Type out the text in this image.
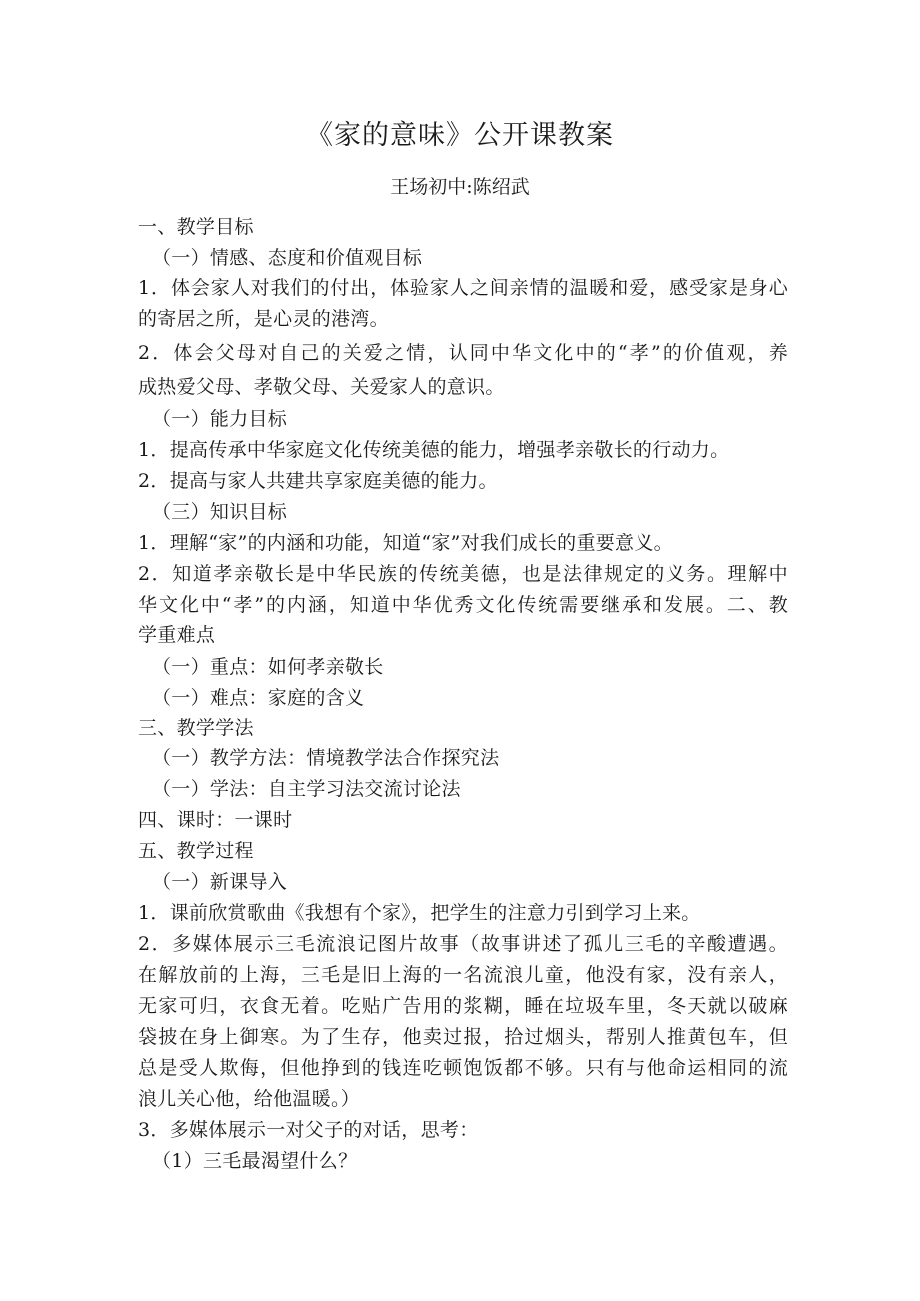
《家的意味》公开课教案
王场初中:陈绍武
一、教学目标
（一）情感、态度和价值观目标
1．体会家人对我们的付出，体验家人之间亲情的温暖和爱，感受家是身心
的寄居之所，是心灵的港湾。
2．体会父母对自己的关爱之情，认同中华文化中的“孝”的价值观，养
成热爱父母、孝敬父母、关爱家人的意识。
（一）能力目标
1．提高传承中华家庭文化传统美德的能力，增强孝亲敬长的行动力。
2．提高与家人共建共享家庭美德的能力。
（三）知识目标
1．理解“家”的内涵和功能，知道“家”对我们成长的重要意义。
2．知道孝亲敬长是中华民族的传统美德，也是法律规定的义务。理解中
华文化中“孝”的内涵，知道中华优秀文化传统需要继承和发展。二、教
学重难点
（一）重点：如何孝亲敬长
（一）难点：家庭的含义
三、教学学法
（一）教学方法：情境教学法合作探究法
（一）学法：自主学习法交流讨论法
四、课时：一课时
五、教学过程
（一）新课导入
1．课前欣赏歌曲《我想有个家》，把学生的注意力引到学习上来。
2．多媒体展示三毛流浪记图片故事（故事讲述了孤儿三毛的辛酸遭遇。
在解放前的上海，三毛是旧上海的一名流浪儿童，他没有家，没有亲人，
无家可归，衣食无着。吃贴广告用的浆糊，睡在垃圾车里，冬天就以破麻
袋披在身上御寒。为了生存，他卖过报，拾过烟头，帮别人推黄包车，但
总是受人欺侮，但他挣到的钱连吃顿饱饭都不够。只有与他命运相同的流
浪儿关心他，给他温暖。）
3．多媒体展示一对父子的对话，思考：
（1）三毛最渴望什么？
